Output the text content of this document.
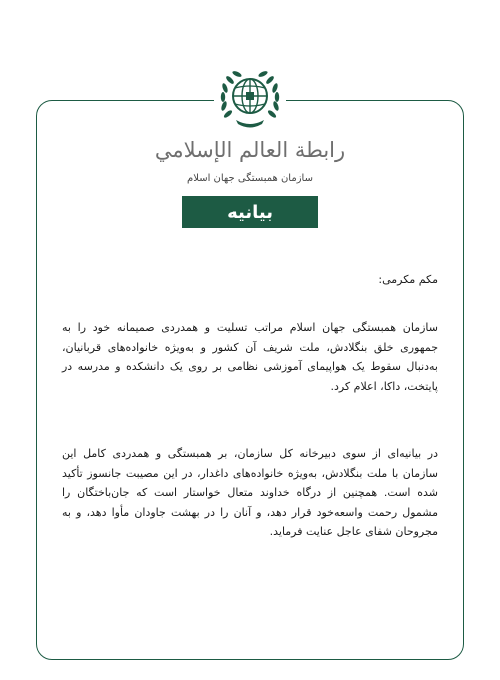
رابطة العالم الإسلامي
سازمان همبستگی جهان اسلام
بیانیه
مکم مکرمی:
سازمان همبستگی جهان اسلام مراتب تسلیت و همدردی صمیمانه خود را به جمهوری خلق بنگلادش، ملت شریف آن کشور و به‌ویژه خانواده‌های قربانیان، به‌دنبال سقوط یک هواپیمای آموزشی نظامی بر روی یک دانشکده و مدرسه در پایتخت، داکا، اعلام کرد.
در بیانیه‌ای از سوی دبیرخانه کل سازمان، بر همبستگی و همدردی کامل این سازمان با ملت بنگلادش، به‌ویژه خانواده‌های داغدار، در این مصیبت جانسوز تأکید شده است. همچنین از درگاه خداوند متعال خواستار است که جان‌باختگان را مشمول رحمت واسعه‌خود قرار دهد، و آنان را در بهشت جاودان مأوا دهد، و به مجروحان شفای عاجل عنایت فرماید.
